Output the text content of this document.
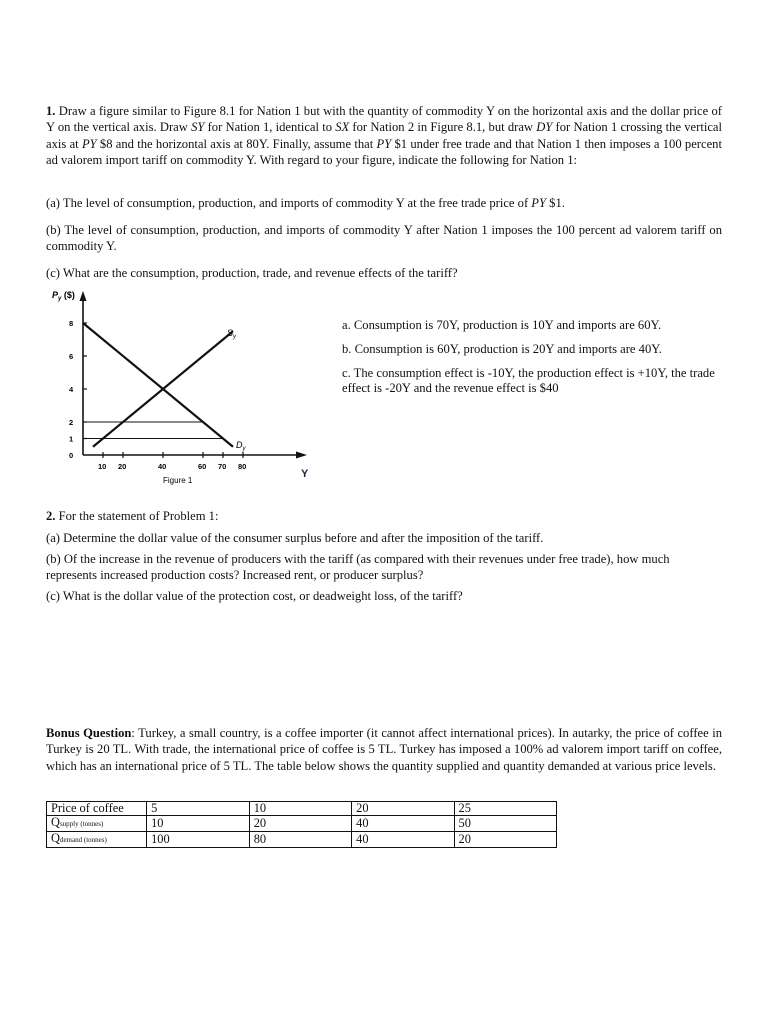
1. Draw a figure similar to Figure 8.1 for Nation 1 but with the quantity of commodity Y on the horizontal axis and the dollar price of Y on the vertical axis. Draw SY for Nation 1, identical to SX for Nation 2 in Figure 8.1, but draw DY for Nation 1 crossing the vertical axis at PY $8 and the horizontal axis at 80Y. Finally, assume that PY $1 under free trade and that Nation 1 then imposes a 100 percent ad valorem import tariff on commodity Y. With regard to your figure, indicate the following for Nation 1:
(a) The level of consumption, production, and imports of commodity Y at the free trade price of PY $1.
(b) The level of consumption, production, and imports of commodity Y after Nation 1 imposes the 100 percent ad valorem tariff on commodity Y.
(c) What are the consumption, production, trade, and revenue effects of the tariff?
8
6
4
2
1
0
10 20	40	60 70 80
$P_y$ ($)
$S_y$
$D_y$
Y
Figure 1
a. Consumption is 70Y, production is 10Y and imports are 60Y.
b. Consumption is 60Y, production is 20Y and imports are 40Y.
c. The consumption effect is -10Y, the production effect is +10Y, the trade effect is -20Y and the revenue effect is $40
2. For the statement of Problem 1:
(a) Determine the dollar value of the consumer surplus before and after the imposition of the tariff.
(b) Of the increase in the revenue of producers with the tariff (as compared with their revenues under free trade), how much represents increased production costs? Increased rent, or producer surplus?
(c) What is the dollar value of the protection cost, or deadweight loss, of the tariff?
Bonus Question: Turkey, a small country, is a coffee importer (it cannot affect international prices). In autarky, the price of coffee in Turkey is 20 TL. With trade, the international price of coffee is 5 TL. Turkey has imposed a 100% ad valorem import tariff on coffee, which has an international price of 5 TL. The table below shows the quantity supplied and quantity demanded at various price levels.
Price of coffee	5	10	20	25
Qsupply (tonnes)	10	20	40	50
Qdemand (tonnes)	100	80	40	20
